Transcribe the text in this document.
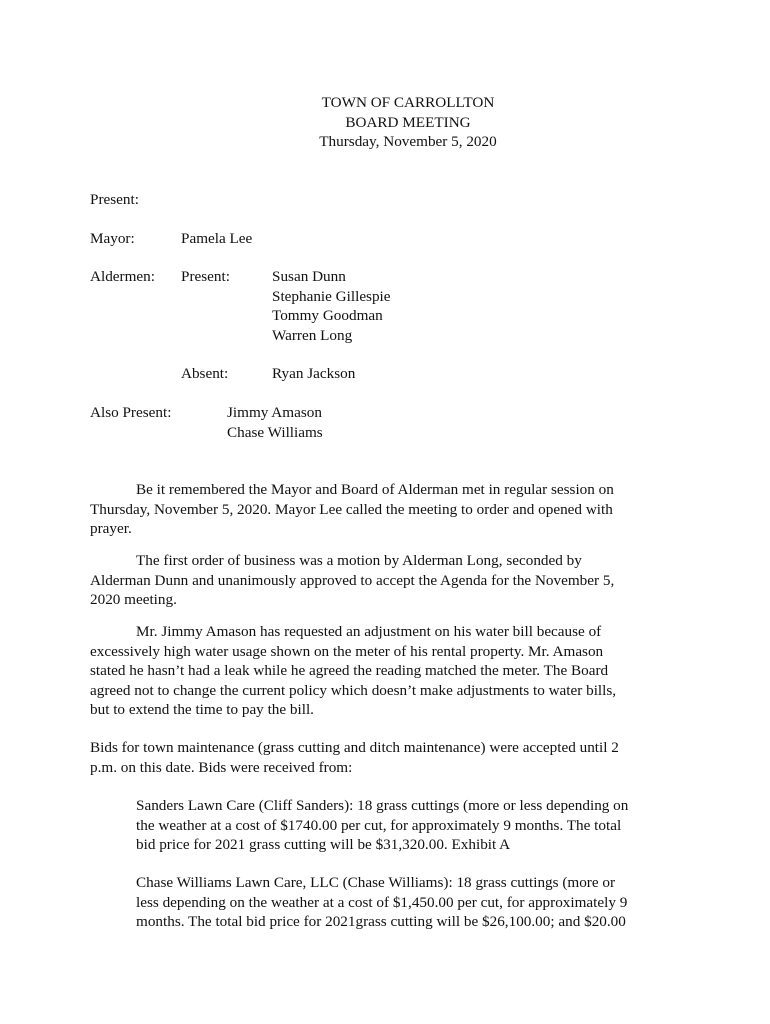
TOWN OF CARROLLTON
BOARD MEETING
Thursday, November 5, 2020
Present:
Mayor:	Pamela Lee
Aldermen: Present:	Susan Dunn
Stephanie Gillespie
Tommy Goodman
Warren Long
Absent:	Ryan Jackson
Also Present:	Jimmy Amason
Chase Williams
Be it remembered the Mayor and Board of Alderman met in regular session on
Thursday, November 5, 2020. Mayor Lee called the meeting to order and opened with
prayer.
The first order of business was a motion by Alderman Long, seconded by
Alderman Dunn and unanimously approved to accept the Agenda for the November 5,
2020 meeting.
Mr. Jimmy Amason has requested an adjustment on his water bill because of
excessively high water usage shown on the meter of his rental property. Mr. Amason
stated he hasn’t had a leak while he agreed the reading matched the meter. The Board
agreed not to change the current policy which doesn’t make adjustments to water bills,
but to extend the time to pay the bill.
Bids for town maintenance (grass cutting and ditch maintenance) were accepted until 2
p.m. on this date. Bids were received from:
Sanders Lawn Care (Cliff Sanders): 18 grass cuttings (more or less depending on
the weather at a cost of $1740.00 per cut, for approximately 9 months. The total
bid price for 2021 grass cutting will be $31,320.00. Exhibit A
Chase Williams Lawn Care, LLC (Chase Williams): 18 grass cuttings (more or
less depending on the weather at a cost of $1,450.00 per cut, for approximately 9
months. The total bid price for 2021grass cutting will be $26,100.00; and $20.00
